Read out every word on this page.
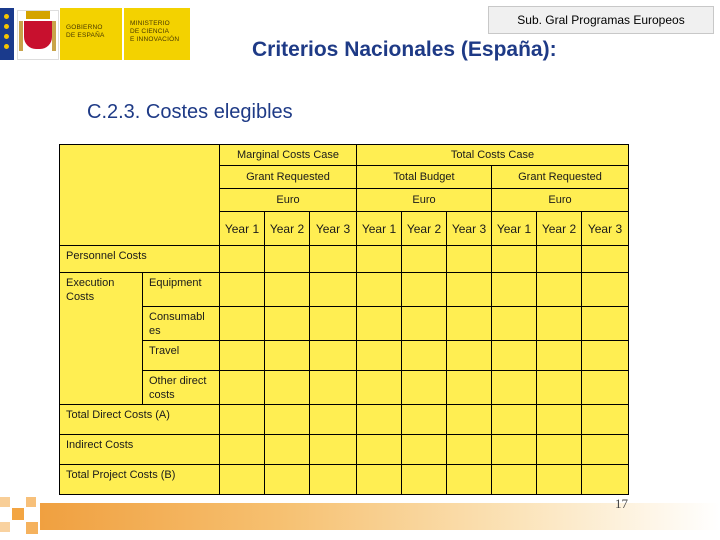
GOBIERNO
DE ESPAÑA
MINISTERIO
DE CIENCIA
E INNOVACIÓN
Sub. Gral Programas Europeos
Criterios Nacionales (España):
C.2.3. Costes elegibles
		Marginal Costs Case			Total Costs Case					
		Grant Requested			Total Budget			Grant Requested		
		Euro			Euro			Euro		
		Year 1	Year 2	Year 3	Year 1	Year 2	Year 3	Year 1	Year 2	Year 3
Personnel Costs										
Execution Costs	Equipment									
	Consumabl es									
	Travel									
	Other direct costs									
Total Direct Costs (A)										
Indirect Costs										
Total Project Costs (B)										
17
